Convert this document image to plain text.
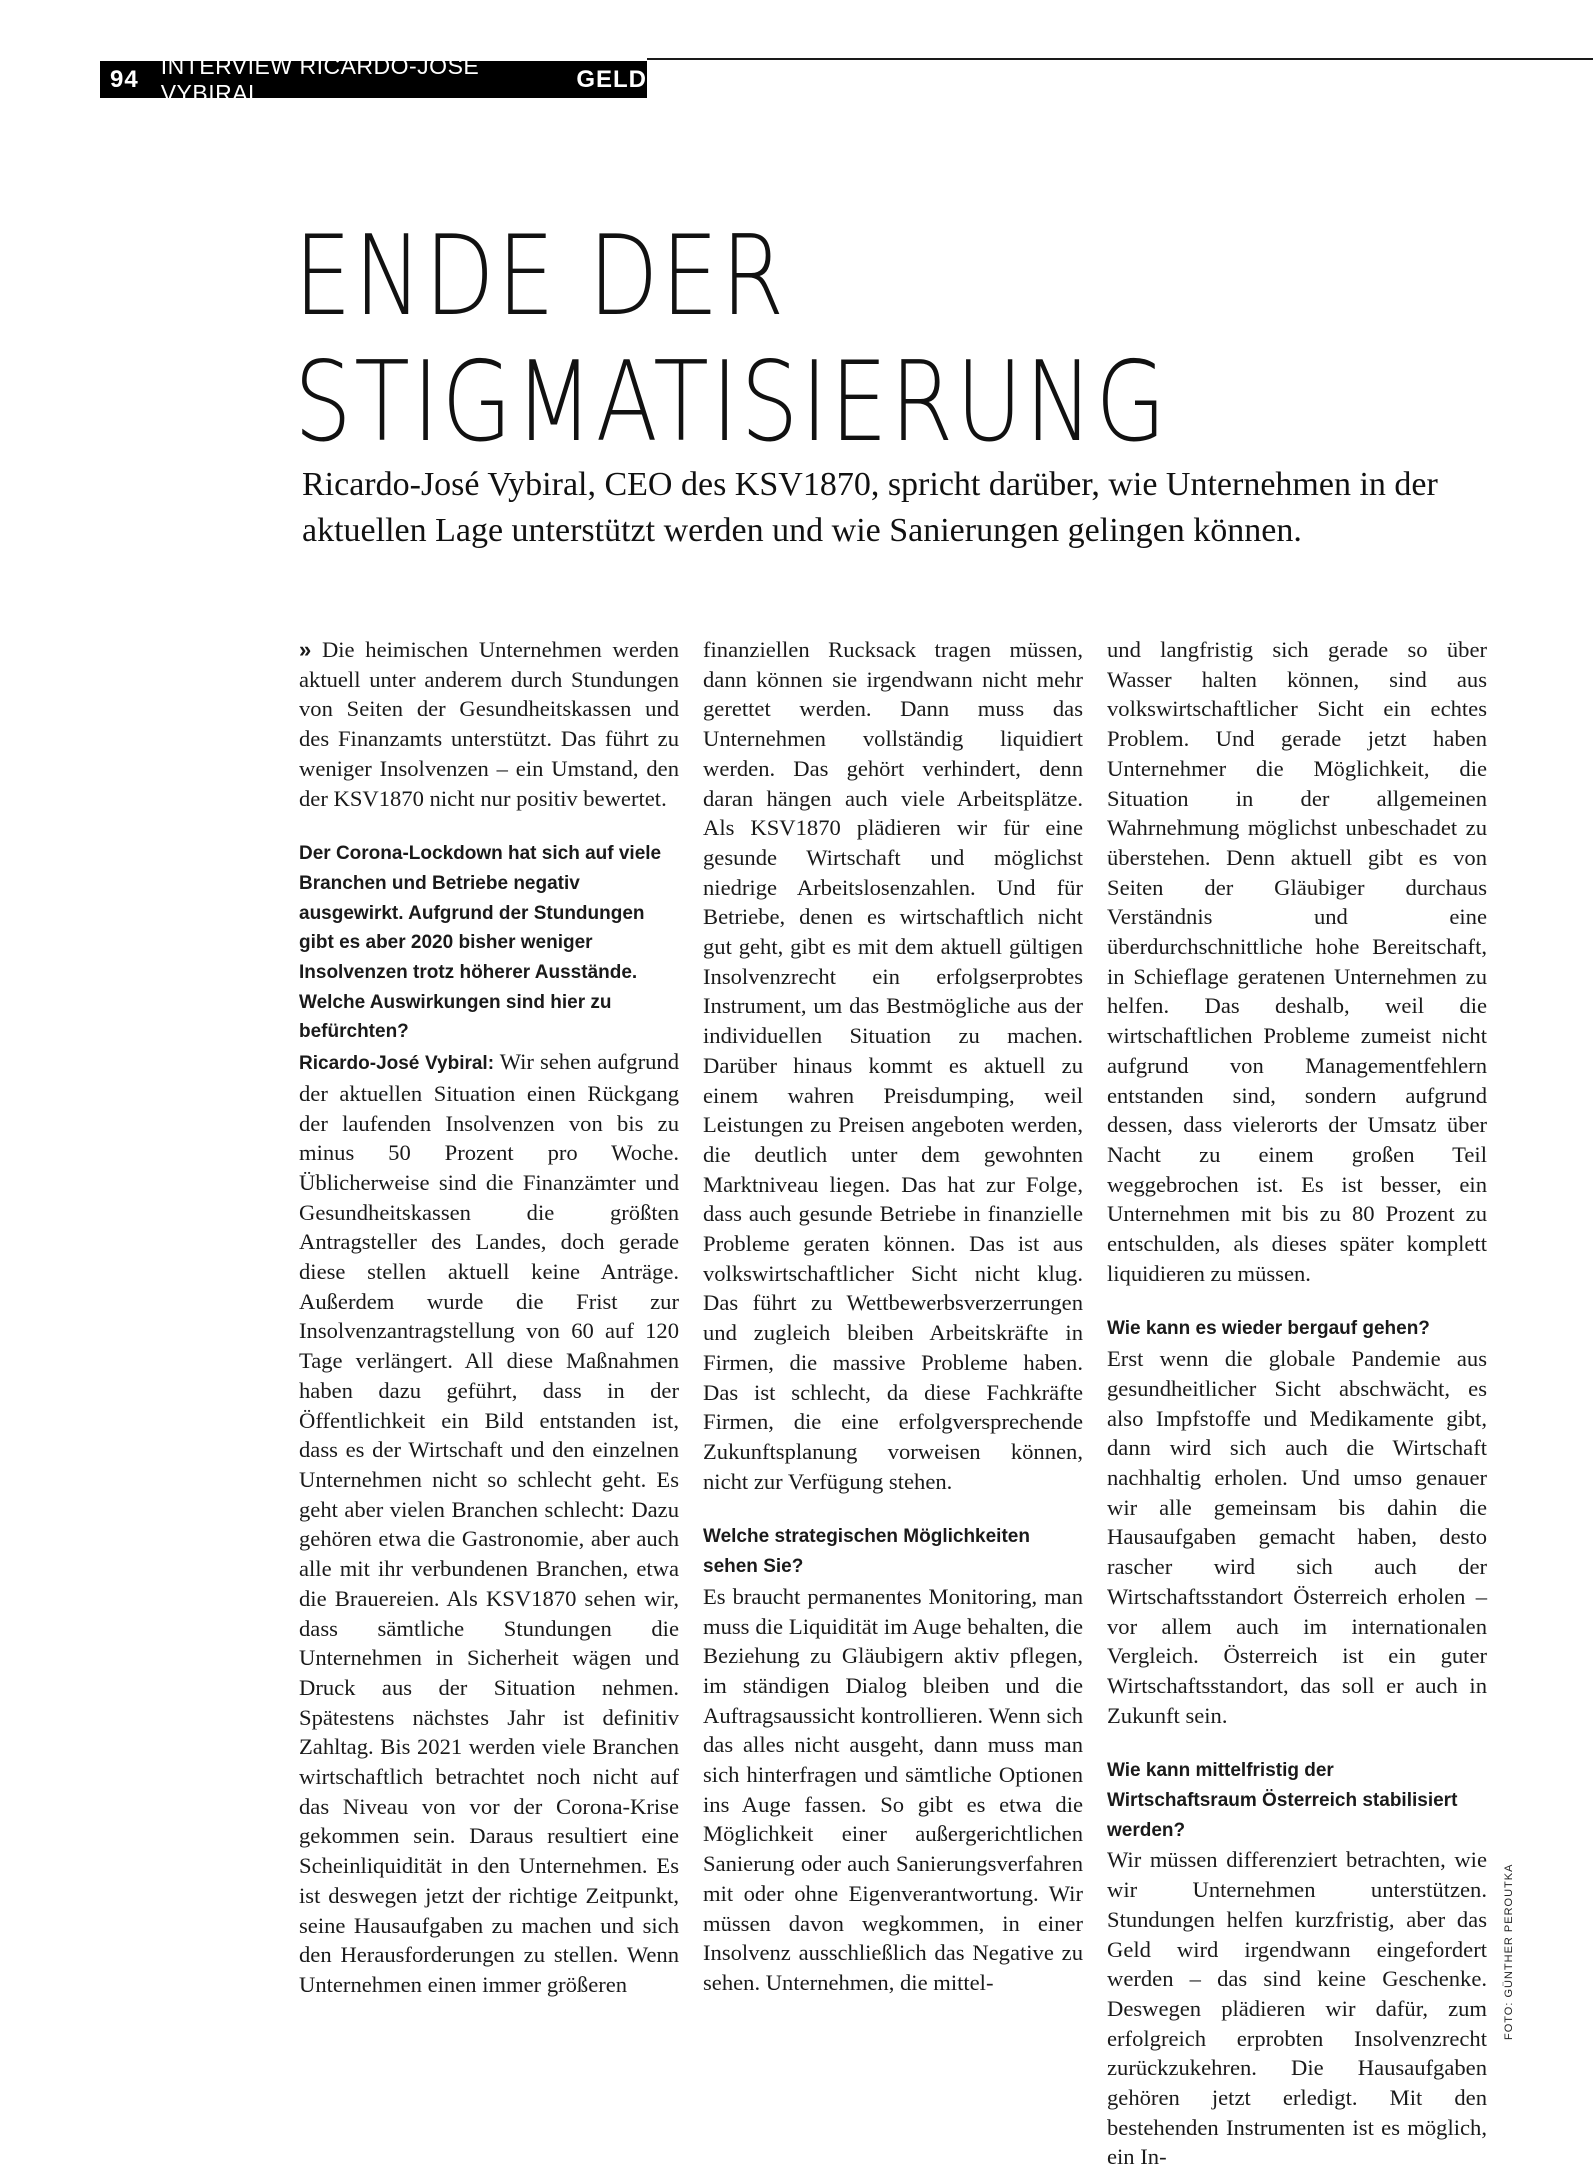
94 INTERVIEW RICARDO-JOSÉ VYBIRAL	GELD
ENDE DER
STIGMATISIERUNG

Ricardo-José Vybiral, CEO des KSV1870, spricht darüber, wie Unternehmen in der aktuellen Lage unterstützt werden und wie Sanierungen gelingen können.

» Die heimischen Unternehmen werden aktuell unter anderem durch Stundungen von Seiten der Gesundheitskassen und des Finanzamts unterstützt. Das führt zu weniger Insolvenzen – ein Umstand, den der KSV1870 nicht nur positiv bewertet.

Der Corona-Lockdown hat sich auf viele Branchen und Betriebe negativ ausgewirkt. Aufgrund der Stundungen gibt es aber 2020 bisher weniger Insolvenzen trotz höherer Ausstände. Welche Auswirkungen sind hier zu befürchten?

Ricardo-José Vybiral: Wir sehen aufgrund der aktuellen Situation einen Rückgang der laufenden Insolvenzen von bis zu minus 50 Prozent pro Woche. Üblicherweise sind die Finanzämter und Gesundheitskassen die größten Antragsteller des Landes, doch gerade diese stellen aktuell keine Anträge. Außerdem wurde die Frist zur Insolvenzantragstellung von 60 auf 120 Tage verlängert. All diese Maßnahmen haben dazu geführt, dass in der Öffentlichkeit ein Bild entstanden ist, dass es der Wirtschaft und den einzelnen Unternehmen nicht so schlecht geht. Es geht aber vielen Branchen schlecht: Dazu gehören etwa die Gastronomie, aber auch alle mit ihr verbundenen Branchen, etwa die Brauereien. Als KSV1870 sehen wir, dass sämtliche Stundungen die Unternehmen in Sicherheit wägen und Druck aus der Situation nehmen. Spätestens nächstes Jahr ist definitiv Zahltag. Bis 2021 werden viele Branchen wirtschaftlich betrachtet noch nicht auf das Niveau von vor der Corona-Krise gekommen sein. Daraus resultiert eine Scheinliquidität in den Unternehmen. Es ist deswegen jetzt der richtige Zeitpunkt, seine Hausaufgaben zu machen und sich den Herausforderungen zu stellen. Wenn Unternehmen einen immer größeren

finanziellen Rucksack tragen müssen, dann können sie irgendwann nicht mehr gerettet werden. Dann muss das Unternehmen vollständig liquidiert werden. Das gehört verhindert, denn daran hängen auch viele Arbeitsplätze. Als KSV1870 plädieren wir für eine gesunde Wirtschaft und möglichst niedrige Arbeitslosenzahlen. Und für Betriebe, denen es wirtschaftlich nicht gut geht, gibt es mit dem aktuell gültigen Insolvenzrecht ein erfolgserprobtes Instrument, um das Bestmögliche aus der individuellen Situation zu machen. Darüber hinaus kommt es aktuell zu einem wahren Preisdumping, weil Leistungen zu Preisen angeboten werden, die deutlich unter dem gewohnten Marktniveau liegen. Das hat zur Folge, dass auch gesunde Betriebe in finanzielle Probleme geraten können. Das ist aus volkswirtschaftlicher Sicht nicht klug. Das führt zu Wettbewerbsverzerrungen und zugleich bleiben Arbeitskräfte in Firmen, die massive Probleme haben. Das ist schlecht, da diese Fachkräfte Firmen, die eine erfolgversprechende Zukunftsplanung vorweisen können, nicht zur Verfügung stehen.

Welche strategischen Möglichkeiten sehen Sie?

Es braucht permanentes Monitoring, man muss die Liquidität im Auge behalten, die Beziehung zu Gläubigern aktiv pflegen, im ständigen Dialog bleiben und die Auftragsaussicht kontrollieren. Wenn sich das alles nicht ausgeht, dann muss man sich hinterfragen und sämtliche Optionen ins Auge fassen. So gibt es etwa die Möglichkeit einer außergerichtlichen Sanierung oder auch Sanierungsverfahren mit oder ohne Eigenverantwortung. Wir müssen davon wegkommen, in einer Insolvenz ausschließlich das Negative zu sehen. Unternehmen, die mittel-

und langfristig sich gerade so über Wasser halten können, sind aus volkswirtschaftlicher Sicht ein echtes Problem. Und gerade jetzt haben Unternehmer die Möglichkeit, die Situation in der allgemeinen Wahrnehmung möglichst unbeschadet zu überstehen. Denn aktuell gibt es von Seiten der Gläubiger durchaus Verständnis und eine überdurchschnittliche hohe Bereitschaft, in Schieflage geratenen Unternehmen zu helfen. Das deshalb, weil die wirtschaftlichen Probleme zumeist nicht aufgrund von Managementfehlern entstanden sind, sondern aufgrund dessen, dass vielerorts der Umsatz über Nacht zu einem großen Teil weggebrochen ist. Es ist besser, ein Unternehmen mit bis zu 80 Prozent zu entschulden, als dieses später komplett liquidieren zu müssen.

Wie kann es wieder bergauf gehen?

Erst wenn die globale Pandemie aus gesundheitlicher Sicht abschwächt, es also Impfstoffe und Medikamente gibt, dann wird sich auch die Wirtschaft nachhaltig erholen. Und umso genauer wir alle gemeinsam bis dahin die Hausaufgaben gemacht haben, desto rascher wird sich auch der Wirtschaftsstandort Österreich erholen – vor allem auch im internationalen Vergleich. Österreich ist ein guter Wirtschaftsstandort, das soll er auch in Zukunft sein.

Wie kann mittelfristig der Wirtschaftsraum Österreich stabilisiert werden?

Wir müssen differenziert betrachten, wie wir Unternehmen unterstützen. Stundungen helfen kurzfristig, aber das Geld wird irgendwann eingefordert werden – das sind keine Geschenke. Deswegen plädieren wir dafür, zum erfolgreich erprobten Insolvenzrecht zurückzukehren. Die Hausaufgaben gehören jetzt erledigt. Mit den bestehenden Instrumenten ist es möglich, ein In-

FOTO: GÜNTHER PEROUTKA
